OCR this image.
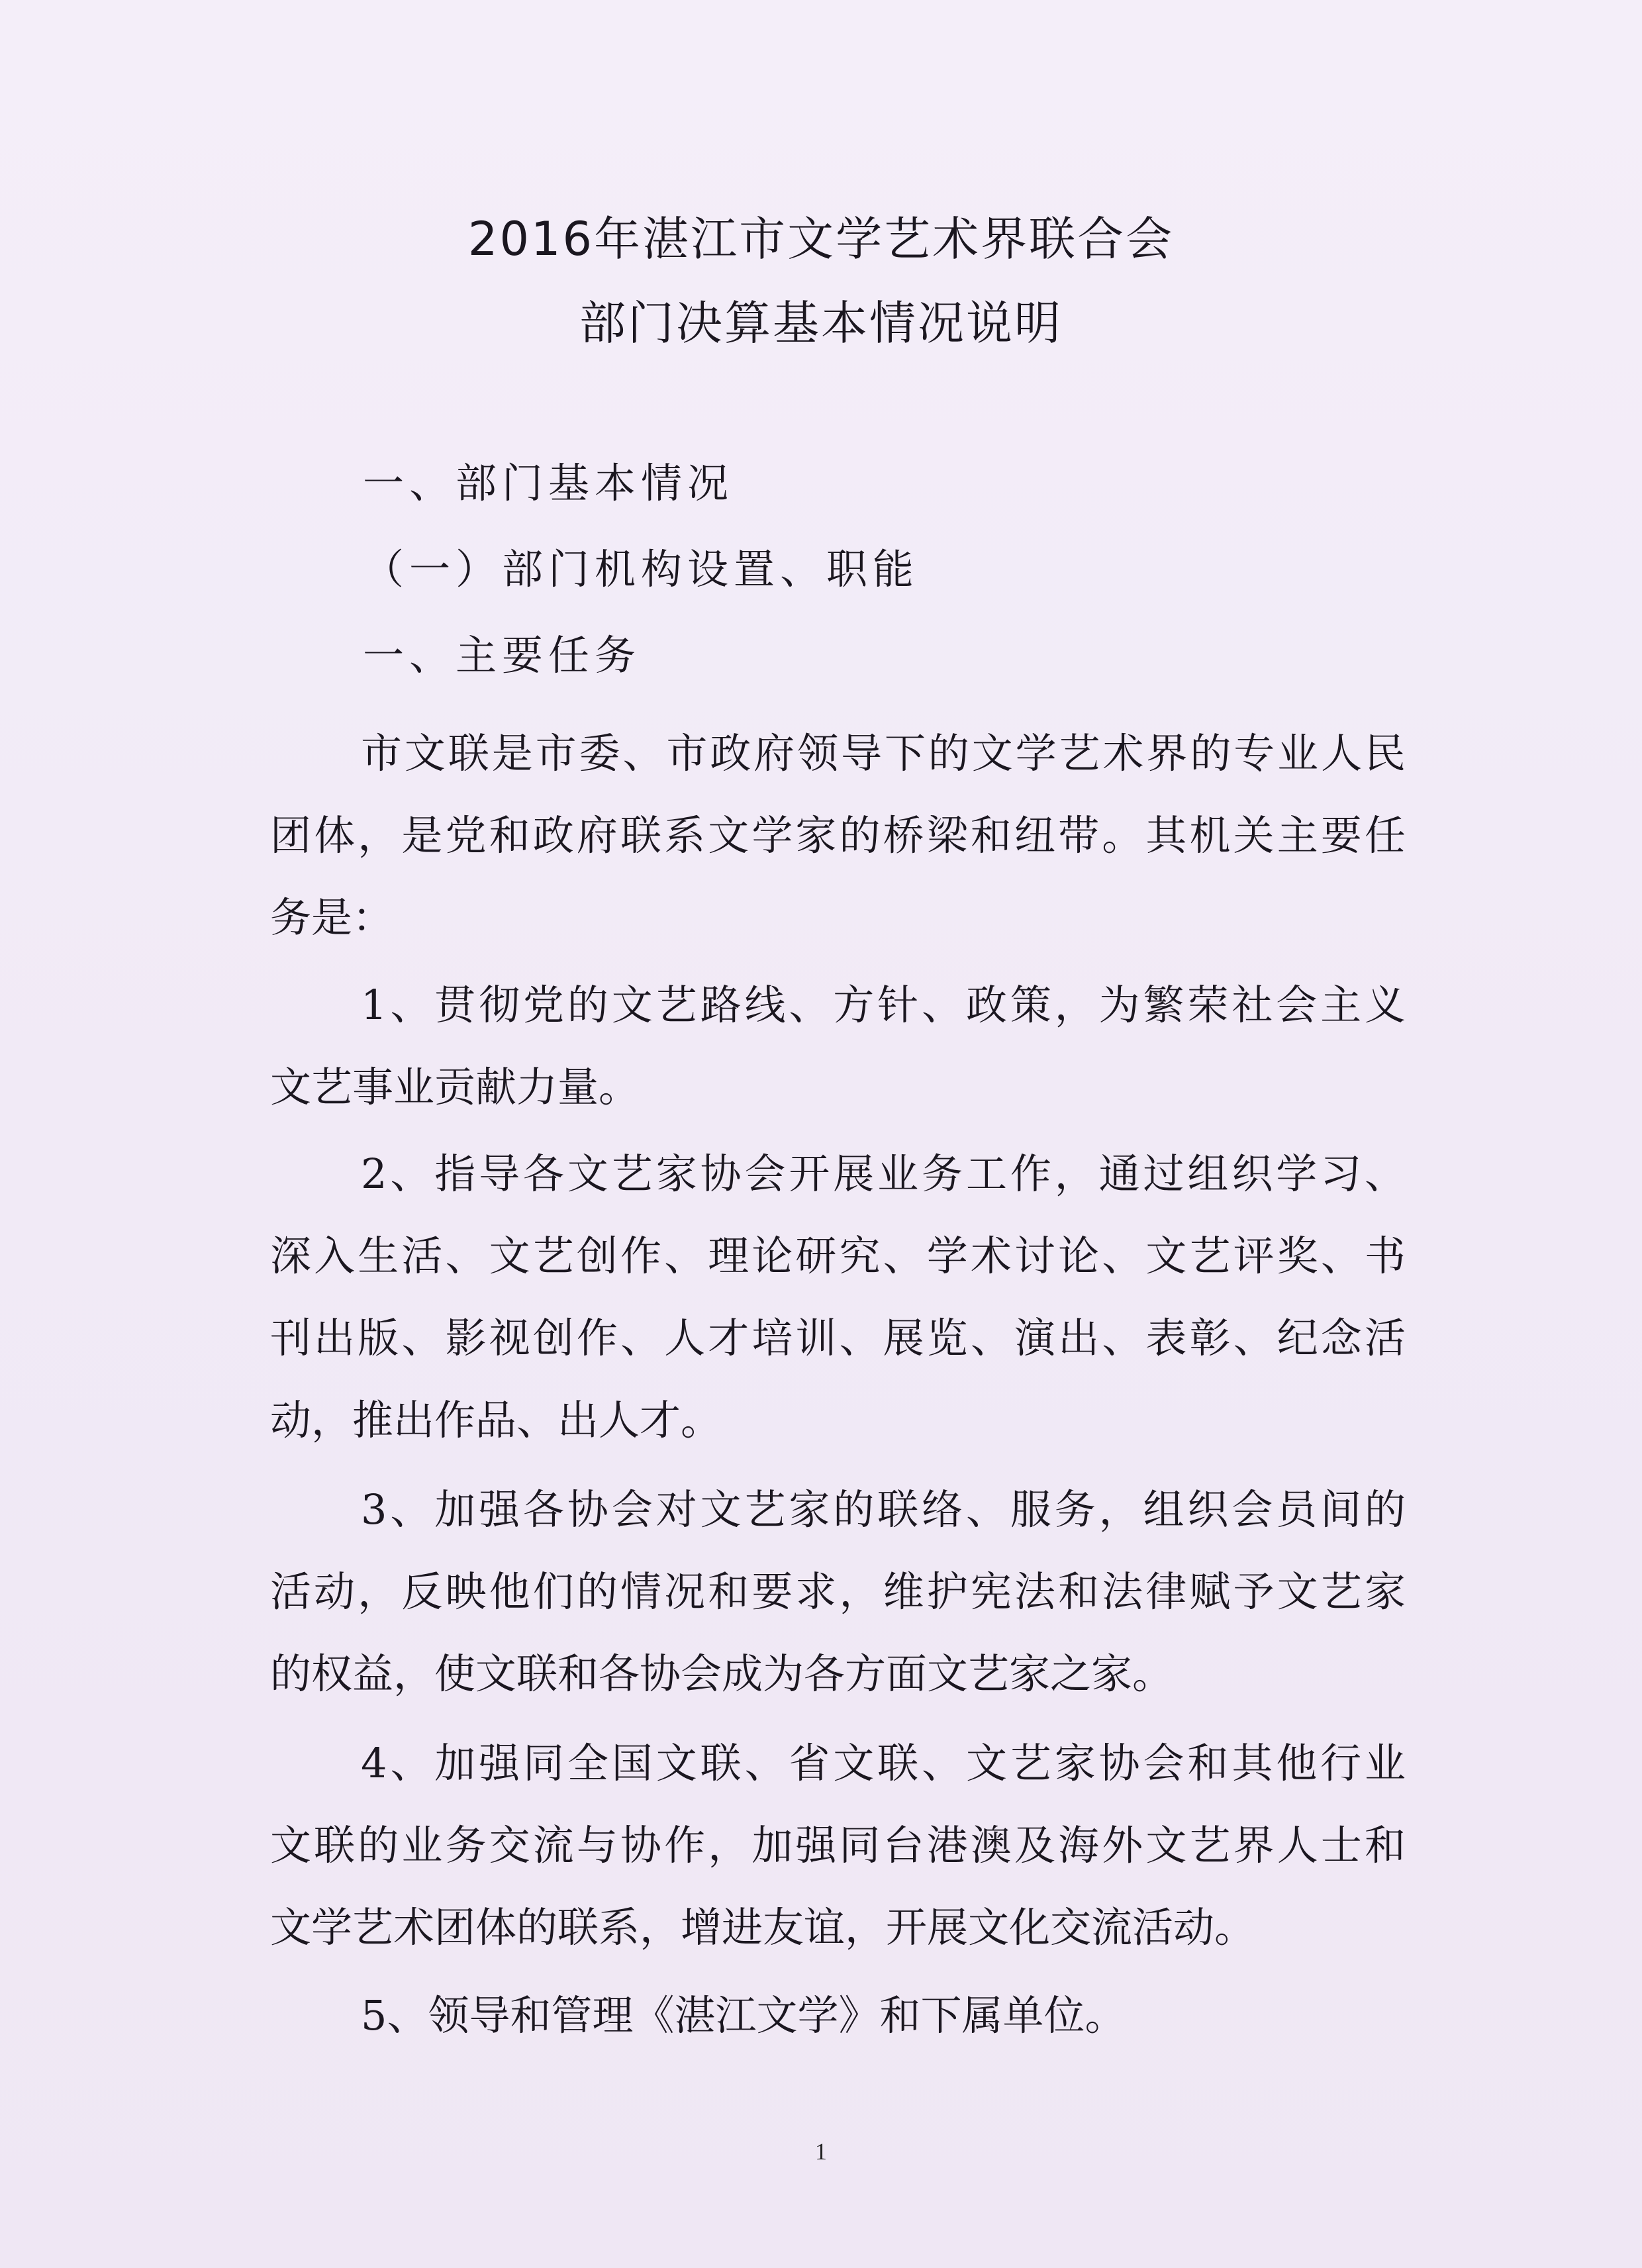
2016年湛江市文学艺术界联合会
部门决算基本情况说明
一、部门基本情况
（一）部门机构设置、职能
一、主要任务
市文联是市委、市政府领导下的文学艺术界的专业人民
团体，是党和政府联系文学家的桥梁和纽带。其机关主要任
务是：
1、贯彻党的文艺路线、方针、政策，为繁荣社会主义
文艺事业贡献力量。
2、指导各文艺家协会开展业务工作，通过组织学习、
深入生活、文艺创作、理论研究、学术讨论、文艺评奖、书
刊出版、影视创作、人才培训、展览、演出、表彰、纪念活
动，推出作品、出人才。
3、加强各协会对文艺家的联络、服务，组织会员间的
活动，反映他们的情况和要求，维护宪法和法律赋予文艺家
的权益，使文联和各协会成为各方面文艺家之家。
4、加强同全国文联、省文联、文艺家协会和其他行业
文联的业务交流与协作，加强同台港澳及海外文艺界人士和
文学艺术团体的联系，增进友谊，开展文化交流活动。
5、领导和管理《湛江文学》和下属单位。
1
